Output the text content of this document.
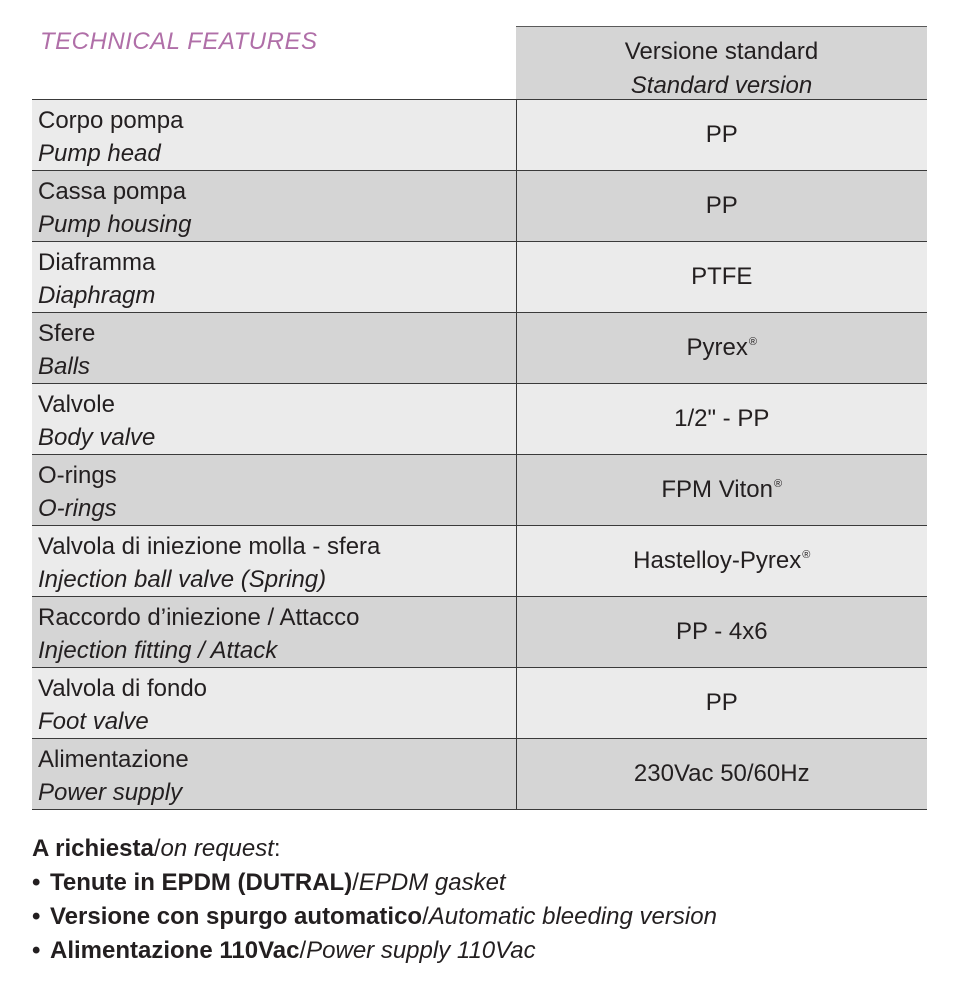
TECHNICAL FEATURES	Versione standard
Standard version
Corpo pompa
Pump head	PP

Cassa pompa
Pump housing	PP

Diaframma
Diaphragm	PTFE

Sfere
Balls	Pyrex®

Valvole
Body valve	1/2" - PP

O-rings
O-rings	FPM Viton®

Valvola di iniezione molla - sfera
Injection ball valve (Spring)	Hastelloy-Pyrex®

Raccordo d’iniezione / Attacco
Injection fitting / Attack	PP - 4x6

Valvola di fondo
Foot valve	PP

Alimentazione
Power supply	230Vac 50/60Hz
A richiesta/on request:
• Tenute in EPDM (DUTRAL)/EPDM gasket
• Versione con spurgo automatico/Automatic bleeding version
• Alimentazione 110Vac/Power supply 110Vac
